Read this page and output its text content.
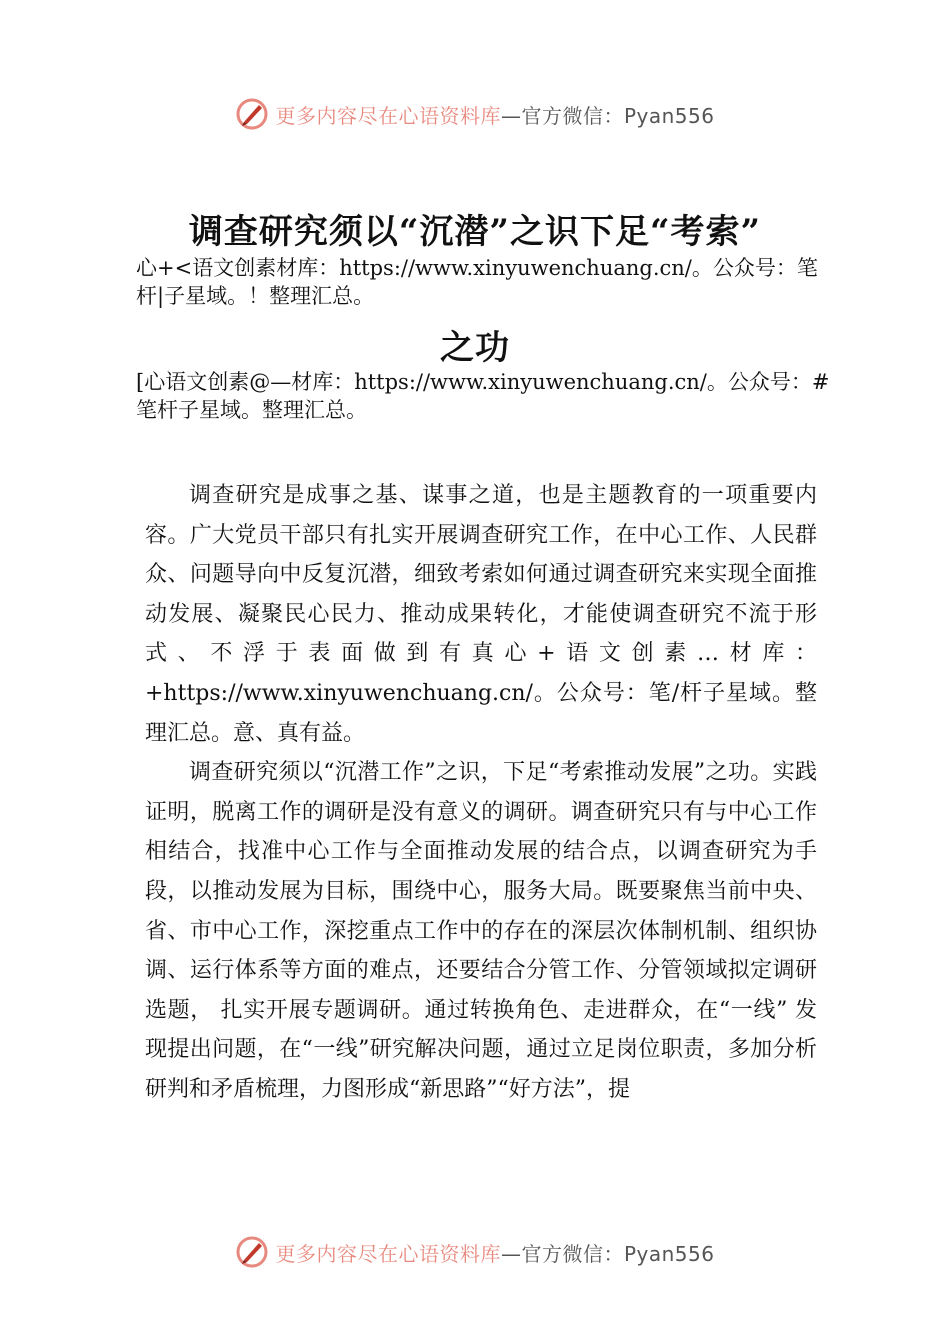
更多内容尽在心语资料库 —官方微信：Pyan556
调查研究须以“沉潜”之识下足“考索”
心+<语文创素材库：https://www.xinyuwenchuang.cn/。公众号：笔杆|子星域。！整理汇总。
之功
[心语文创素@—材库：https://www.xinyuwenchuang.cn/。公众号：#笔杆子星域。整理汇总。

调查研究是成事之基、谋事之道，也是主题教育的一项重要内容。广大党员干部只有扎实开展调查研究工作，在中心工作、人民群众、问题导向中反复沉潜，细致考索如何通过调查研究来实现全面推动发展、凝聚民心民力、推动成果转化，才能使调查研究不流于形式、不浮于表面做到有真心+语文创素…材库：+https://www.xinyuwenchuang.cn/。公众号：笔/杆子星域。整理汇总。意、真有益。

调查研究须以“沉潜工作”之识，下足“考索推动发展”之功。实践证明，脱离工作的调研是没有意义的调研。调查研究只有与中心工作相结合，找准中心工作与全面推动发展的结合点，以调查研究为手段，以推动发展为目标，围绕中心，服务大局。既要聚焦当前中央、省、市中心工作，深挖重点工作中的存在的深层次体制机制、组织协调、运行体系等方面的难点，还要结合分管工作、分管领域拟定调研选题， 扎实开展专题调研。通过转换角色、走进群众，在“一线” 发现提出问题，在“一线”研究解决问题，通过立足岗位职责，多加分析研判和矛盾梳理，力图形成“新思路”“好方法”，提

更多内容尽在心语资料库 —官方微信：Pyan556
